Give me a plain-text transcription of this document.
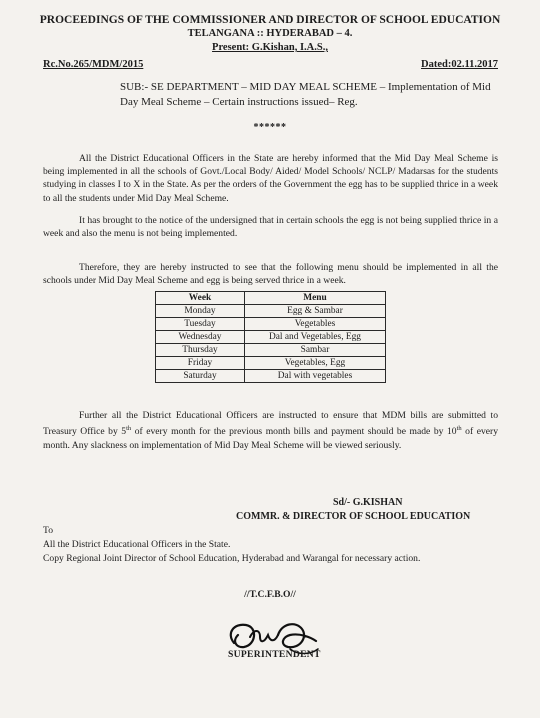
PROCEEDINGS OF THE COMMISSIONER AND DIRECTOR OF SCHOOL EDUCATION
TELANGANA :: HYDERABAD – 4.
Present: G.Kishan, I.A.S.,
Rc.No.265/MDM/2015	Dated:02.11.2017
SUB:- SE DEPARTMENT – MID DAY MEAL SCHEME – Implementation of Mid Day Meal Scheme – Certain instructions issued– Reg.
******

All the District Educational Officers in the State are hereby informed that the Mid Day Meal Scheme is being implemented in all the schools of Govt./Local Body/ Aided/ Model Schools/ NCLP/ Madarsas for the students studying in classes I to X in the State. As per the orders of the Government the egg has to be supplied thrice in a week to all the students under Mid Day Meal Scheme.

It has brought to the notice of the undersigned that in certain schools the egg is not being supplied thrice in a week and also the menu is not being implemented.

Therefore, they are hereby instructed to see that the following menu should be implemented in all the schools under Mid Day Meal Scheme and egg is being served thrice in a week.

Week	Menu
Monday	Egg & Sambar
Tuesday	Vegetables
Wednesday	Dal and Vegetables, Egg
Thursday	Sambar
Friday	Vegetables, Egg
Saturday	Dal with vegetables

Further all the District Educational Officers are instructed to ensure that MDM bills are submitted to Treasury Office by 5th of every month for the previous month bills and payment should be made by 10th of every month. Any slackness on implementation of Mid Day Meal Scheme will be viewed seriously.

Sd/- G.KISHAN
COMMR. & DIRECTOR OF SCHOOL EDUCATION
To
All the District Educational Officers in the State.
Copy Regional Joint Director of School Education, Hyderabad and Warangal for necessary action.
//T.C.F.B.O//
SUPERINTENDENT
